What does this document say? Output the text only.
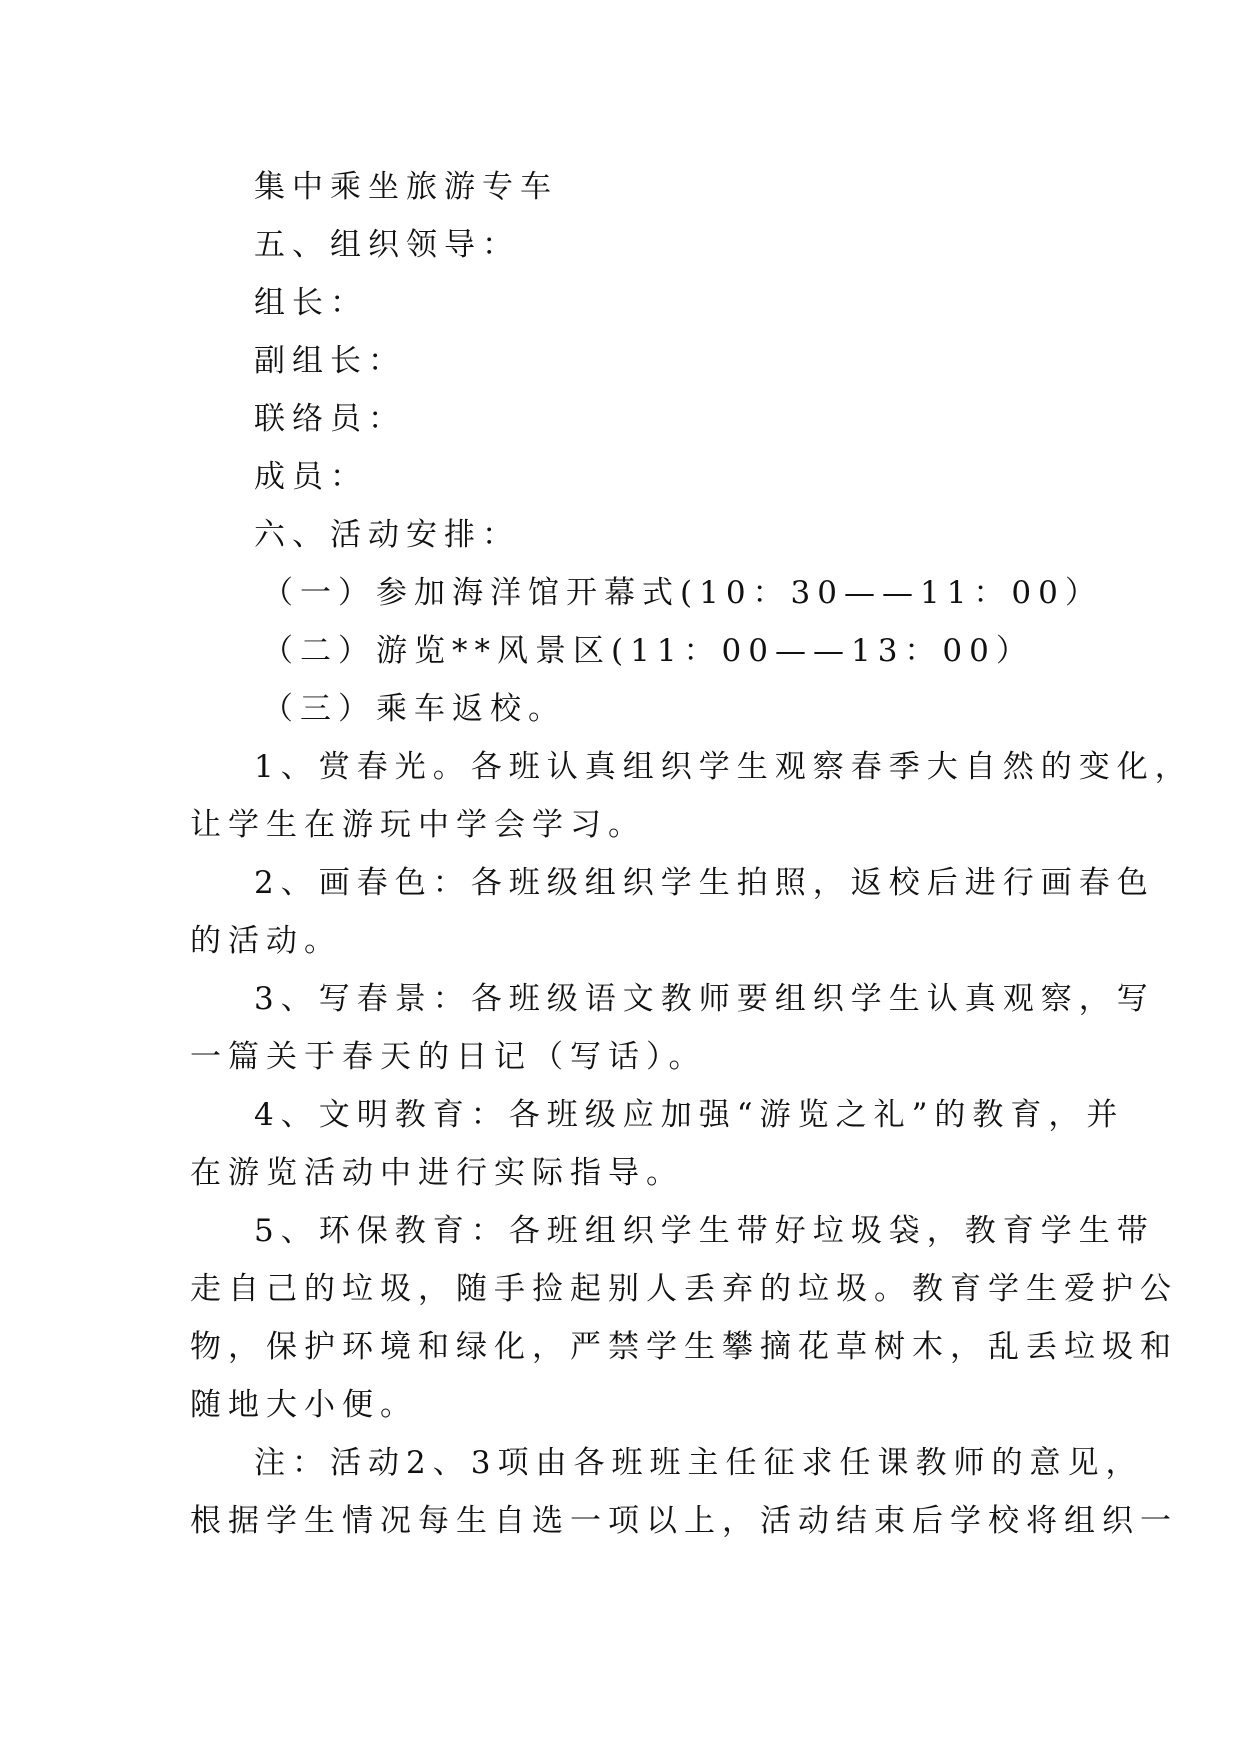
集中乘坐旅游专车
五、组织领导：
组长：
副组长：
联络员：
成员：
六、活动安排：
（一）参加海洋馆开幕式(10：30——11：00）
（二）游览**风景区(11：00——13：00）
（三）乘车返校。
1、赏春光。各班认真组织学生观察春季大自然的变化，
让学生在游玩中学会学习。
2、画春色：各班级组织学生拍照，返校后进行画春色
的活动。
3、写春景：各班级语文教师要组织学生认真观察，写
一篇关于春天的日记（写话）。
4、文明教育：各班级应加强“游览之礼”的教育，并
在游览活动中进行实际指导。
5、环保教育：各班组织学生带好垃圾袋，教育学生带
走自己的垃圾，随手捡起别人丢弃的垃圾。教育学生爱护公
物，保护环境和绿化，严禁学生攀摘花草树木，乱丢垃圾和
随地大小便。
注：活动2、3项由各班班主任征求任课教师的意见，
根据学生情况每生自选一项以上，活动结束后学校将组织一
